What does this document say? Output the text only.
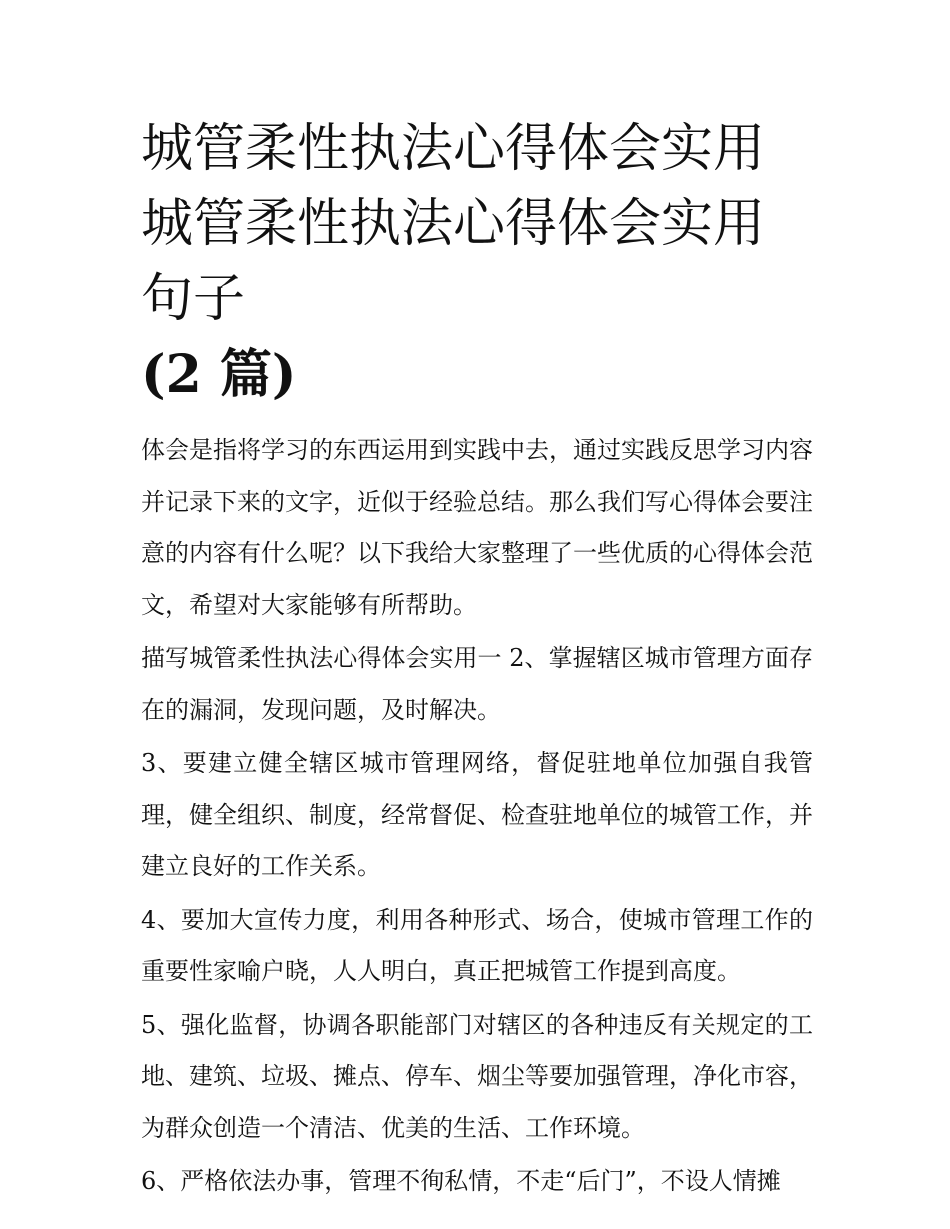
城管柔性执法心得体会实用 城管柔性执法心得体会实用句子
(2 篇)

体会是指将学习的东西运用到实践中去，通过实践反思学习内容并记录下来的文字，近似于经验总结。那么我们写心得体会要注意的内容有什么呢？以下我给大家整理了一些优质的心得体会范文，希望对大家能够有所帮助。

描写城管柔性执法心得体会实用一 2、掌握辖区城市管理方面存在的漏洞，发现问题，及时解决。

3、要建立健全辖区城市管理网络，督促驻地单位加强自我管理，健全组织、制度，经常督促、检查驻地单位的城管工作，并建立良好的工作关系。

4、要加大宣传力度，利用各种形式、场合，使城市管理工作的重要性家喻户晓，人人明白，真正把城管工作提到高度。

5、强化监督，协调各职能部门对辖区的各种违反有关规定的工地、建筑、垃圾、摊点、停车、烟尘等要加强管理，净化市容，为群众创造一个清洁、优美的生活、工作环境。

6、严格依法办事，管理不徇私情，不走“后门”，不设人情摊
